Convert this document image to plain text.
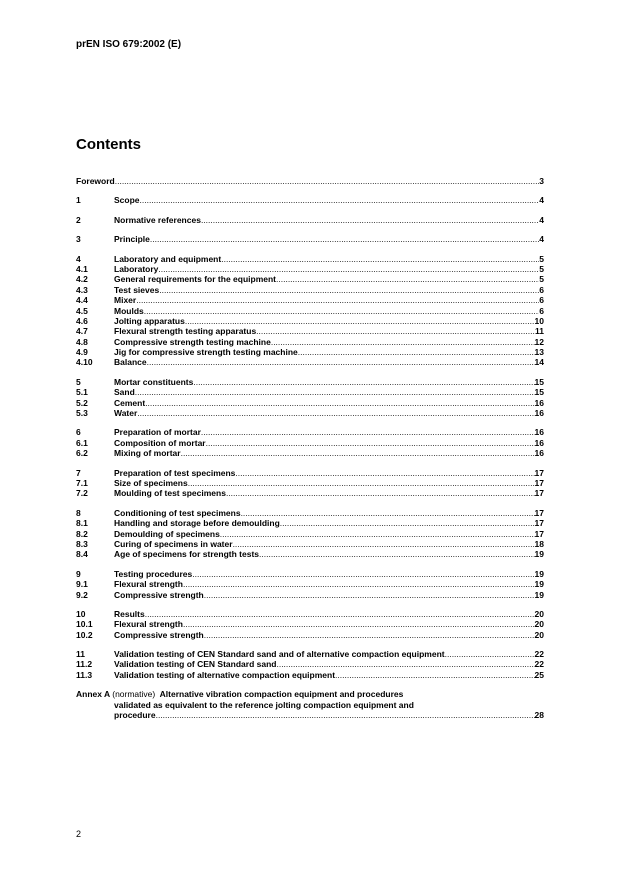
prEN ISO 679:2002 (E)
Contents
Foreword .....	3
1	Scope .....	4
2	Normative references .....	4
3	Principle .....	4
4	Laboratory and equipment .....	5
4.1	Laboratory .....	5
4.2	General requirements for the equipment .....	5
4.3	Test sieves .....	6
4.4	Mixer .....	6
4.5	Moulds .....	6
4.6	Jolting apparatus .....	10
4.7	Flexural strength testing apparatus .....	11
4.8	Compressive strength testing machine .....	12
4.9	Jig for compressive strength testing machine .....	13
4.10	Balance .....	14
5	Mortar constituents .....	15
5.1	Sand .....	15
5.2	Cement .....	16
5.3	Water .....	16
6	Preparation of mortar .....	16
6.1	Composition of mortar .....	16
6.2	Mixing of mortar .....	16
7	Preparation of test specimens .....	17
7.1	Size of specimens .....	17
7.2	Moulding of test specimens .....	17
8	Conditioning of test specimens .....	17
8.1	Handling and storage before demoulding .....	17
8.2	Demoulding of specimens .....	17
8.3	Curing of specimens in water .....	18
8.4	Age of specimens for strength tests .....	19
9	Testing procedures .....	19
9.1	Flexural strength .....	19
9.2	Compressive strength .....	19
10	Results .....	20
10.1	Flexural strength .....	20
10.2	Compressive strength .....	20
11	Validation testing of CEN Standard sand and of alternative compaction equipment .....	22
11.2	Validation testing of CEN Standard sand .....	22
11.3	Validation testing of alternative compaction equipment .....	25
Annex A (normative) Alternative vibration compaction equipment and procedures
validated as equivalent to the reference jolting compaction equipment and
procedure .....	28
2
